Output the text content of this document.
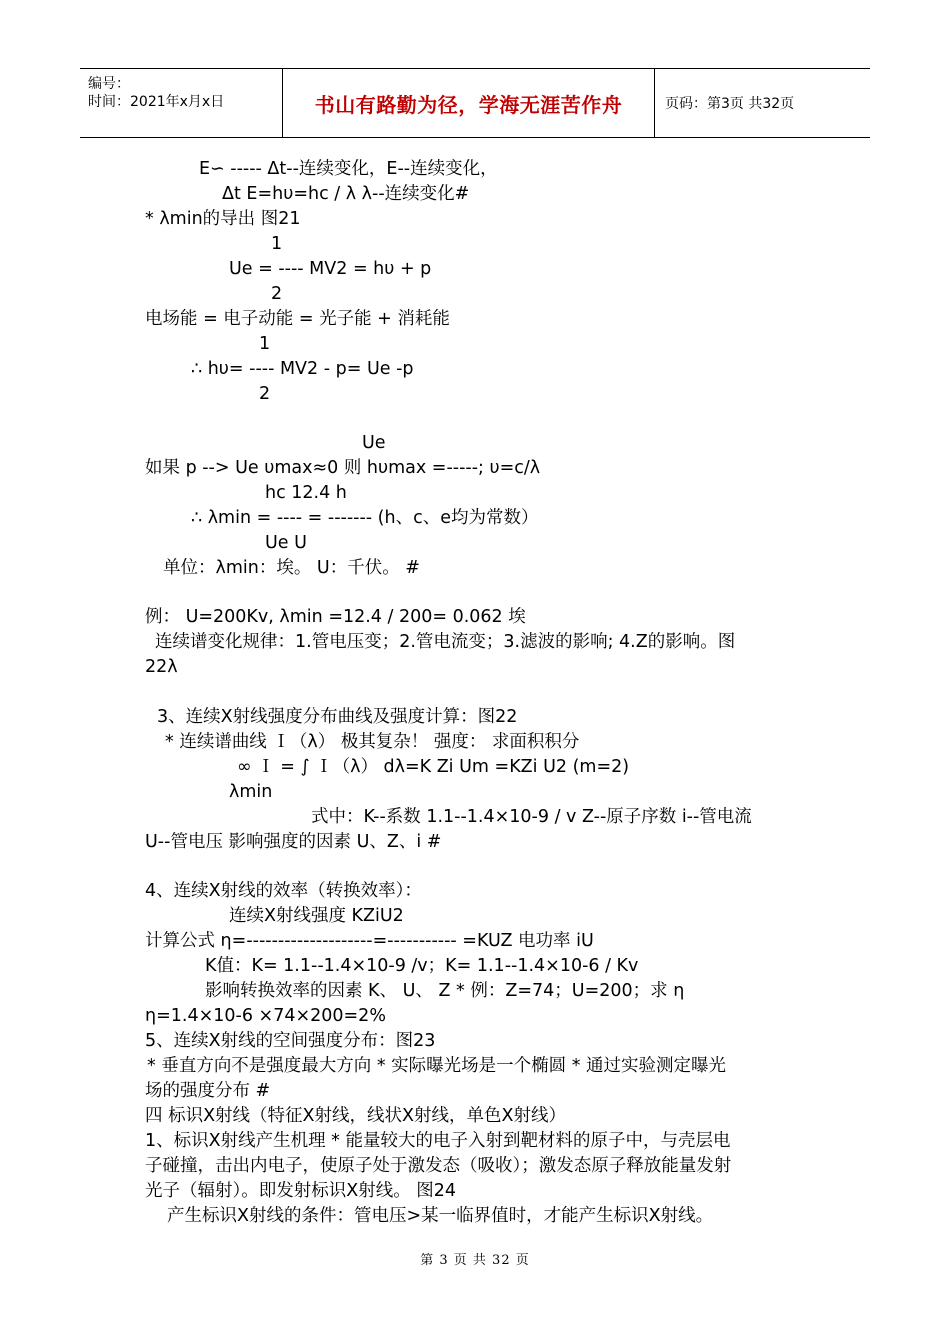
编号：
时间：2021年x月x日	书山有路勤为径，学海无涯苦作舟	页码：第3页 共32页
E∽ ----- Δt--连续变化，E--连续变化，
Δt E=hυ=hc / λ λ--连续变化#
* λmin的导出 图21
1
Ue = ---- MV2 = hυ + p
2
电场能 = 电子动能 = 光子能 + 消耗能
1
∴ hυ= ---- MV2 - p= Ue -p
2
Ue
如果 p --> Ue υmax≈0 则 hυmax =-----; υ=c/λ
hc 12.4 h
∴ λmin = ---- = ------- (h、c、e均为常数）
Ue U
单位：λmin：埃。 U：千伏。 #
例： U=200Kv, λmin =12.4 / 200= 0.062 埃
连续谱变化规律：1.管电压变；2.管电流变；3.滤波的影响; 4.Z的影响。图
22λ
3、连续X射线强度分布曲线及强度计算：图22
* 连续谱曲线 Ｉ（λ） 极其复杂！ 强度： 求面积积分
∞ Ｉ = ∫ Ｉ（λ） dλ=K Zi Um =KZi U2 (m=2)
λmin
式中：K--系数 1.1--1.4×10-9 / v Z--原子序数 i--管电流
U--管电压 影响强度的因素 U、Z、i #
4、连续X射线的效率（转换效率）：
连续X射线强度 KZiU2
计算公式 η=--------------------=----------- =KUZ 电功率 iU
K值：K= 1.1--1.4×10-9 /v；K= 1.1--1.4×10-6 / Kv
影响转换效率的因素 K、 U、 Z * 例：Z=74；U=200；求 η
η=1.4×10-6 ×74×200=2%
5、连续X射线的空间强度分布：图23
* 垂直方向不是强度最大方向 * 实际曝光场是一个椭圆 * 通过实验测定曝光
场的强度分布 #
四 标识X射线（特征X射线，线状X射线，单色X射线）
1、标识X射线产生机理 * 能量较大的电子入射到靶材料的原子中，与壳层电
子碰撞，击出内电子，使原子处于激发态（吸收）；激发态原子释放能量发射
光子（辐射）。即发射标识X射线。 图24
产生标识X射线的条件：管电压>某一临界值时，才能产生标识X射线。
第 3 页 共 32 页
